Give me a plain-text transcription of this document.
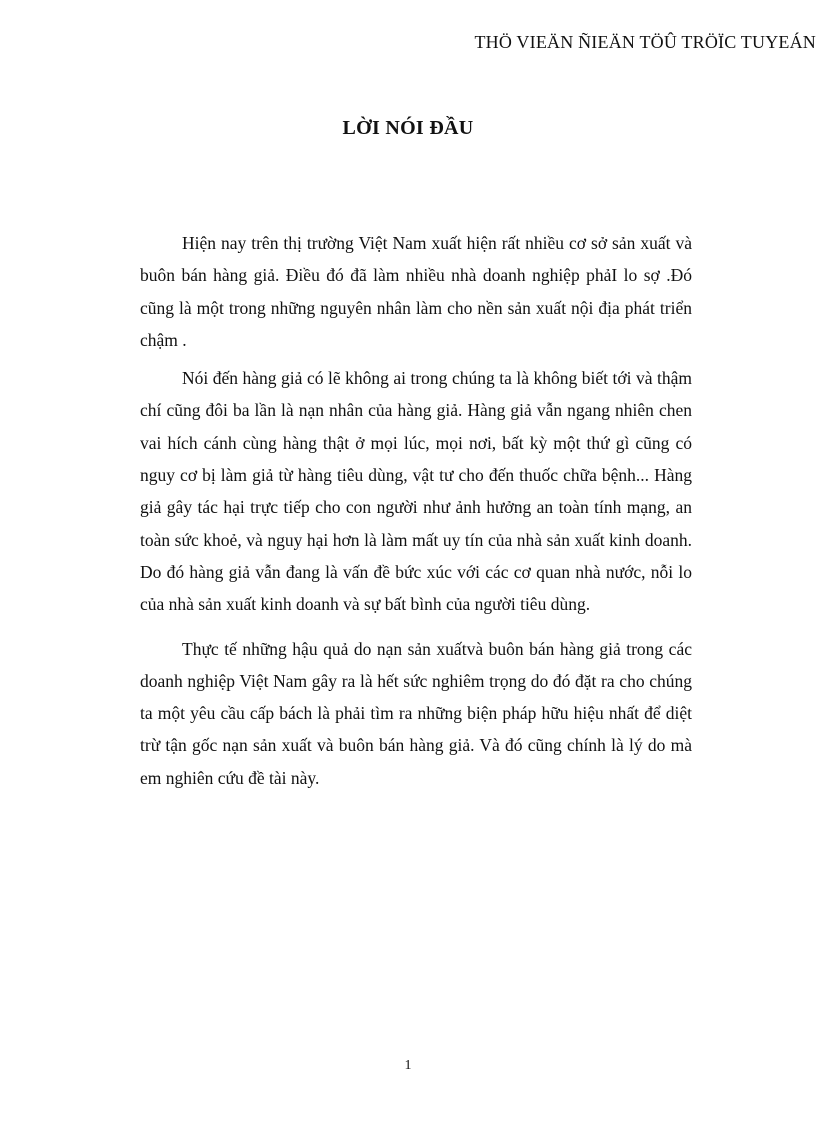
THÖ VIEÄN ÑIEÄN TÖÛ TRÖÏC TUYEÁN
LỜI NÓI ĐẦU

Hiện nay trên thị trường Việt Nam xuất hiện rất nhiều cơ sở sản xuất và buôn bán hàng giả. Điều đó đã làm nhiều nhà doanh nghiệp phảI lo sợ .Đó cũng là một trong những nguyên nhân làm cho nền sản xuất nội địa phát triển chậm .

Nói đến hàng giả có lẽ không ai trong chúng ta là không biết tới và thậm chí cũng đôi ba lần là nạn nhân của hàng giả. Hàng giả vẫn ngang nhiên chen vai hích cánh cùng hàng thật ở mọi lúc, mọi nơi, bất kỳ một thứ gì cũng có nguy cơ bị làm giả từ hàng tiêu dùng, vật tư cho đến thuốc chữa bệnh... Hàng giả gây tác hại trực tiếp cho con người như ảnh hưởng an toàn tính mạng, an toàn sức khoẻ, và nguy hại hơn là làm mất uy tín của nhà sản xuất kinh doanh. Do đó hàng giả vẫn đang là vấn đề bức xúc với các cơ quan nhà nước, nỗi lo của nhà sản xuất kinh doanh và sự bất bình của người tiêu dùng.

Thực tế những hậu quả do nạn sản xuấtvà buôn bán hàng giả trong các doanh nghiệp Việt Nam gây ra là hết sức nghiêm trọng do đó đặt ra cho chúng ta một yêu cầu cấp bách là phải tìm ra những biện pháp hữu hiệu nhất để diệt trừ tận gốc nạn sản xuất và buôn bán hàng giả. Và đó cũng chính là lý do mà em nghiên cứu đề tài này.

1
